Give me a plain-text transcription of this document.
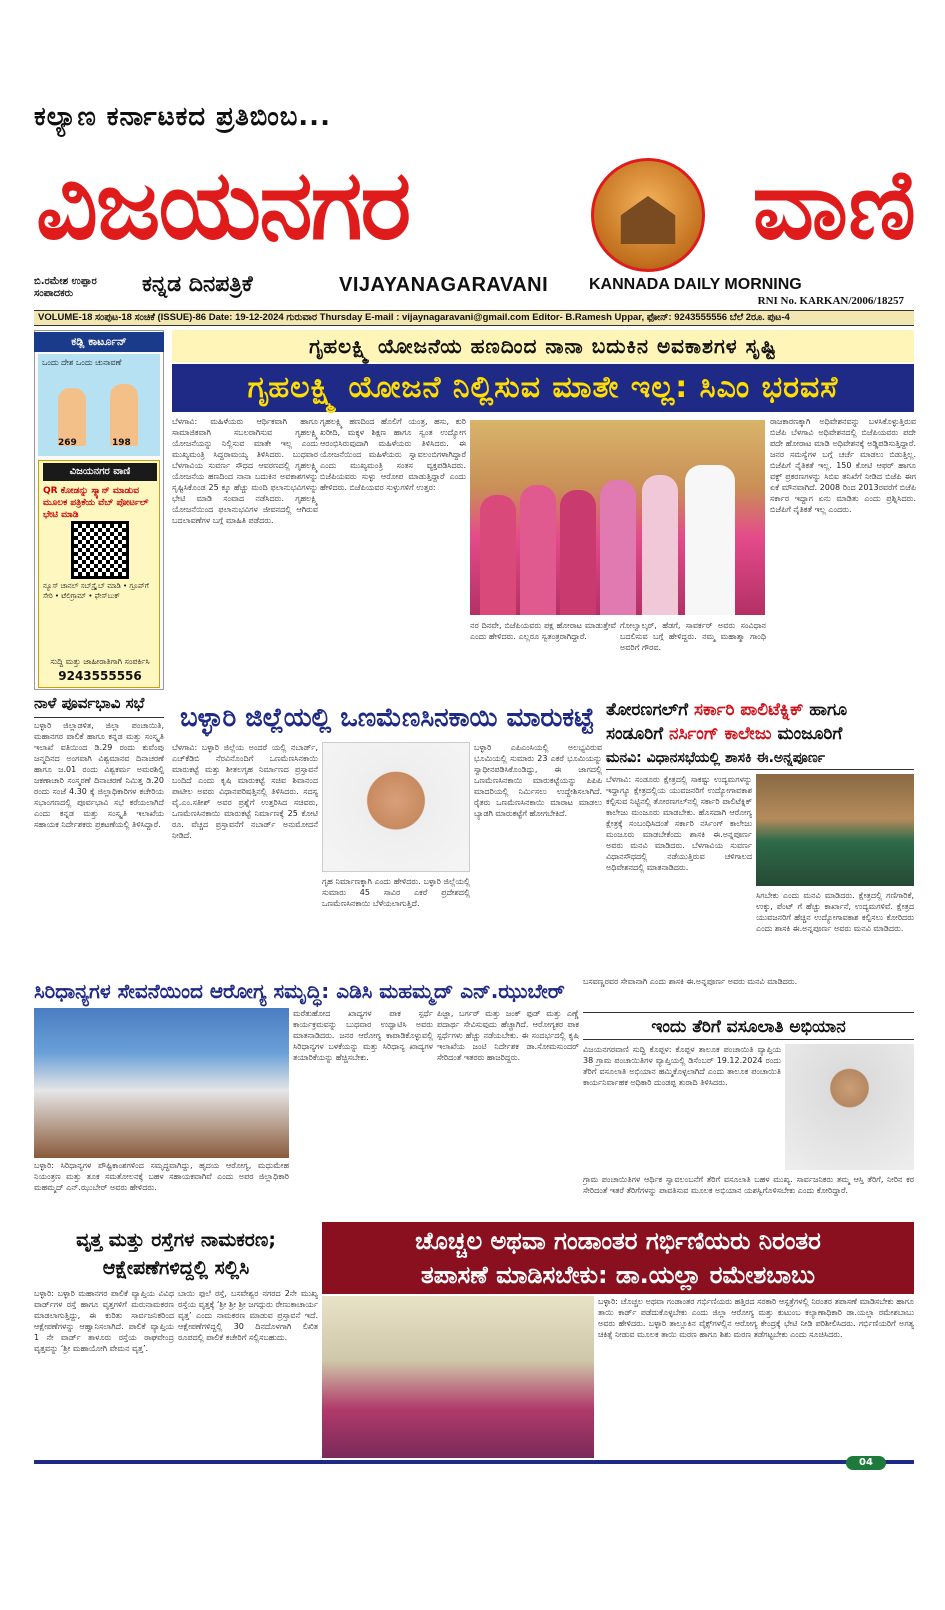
ಕಲ್ಯಾಣ ಕರ್ನಾಟಕದ ಪ್ರತಿಬಿಂಬ...
ವಿಜಯನಗರ	ವಾಣಿ
ಬಿ.ರಮೇಶ ಉಪ್ಪಾರ
ಸಂಪಾದಕರು	ಕನ್ನಡ ದಿನಪತ್ರಿಕೆ	VIJAYANAGARAVANI	KANNADA DAILY MORNING
RNI No. KARKAN/2006/18257
VOLUME-18 ಸಂಪುಟ-18 ಸಂಚಿಕೆ (ISSUE)-86 Date: 19-12-2024 ಗುರುವಾರ Thursday E-mail : vijaynagaravani@gmail.com Editor- B.Ramesh Uppar, ಫೋನ್: 9243555556 ಬೆಲೆ 2ರೂ. ಪುಟ-4
ಕಡ್ಲಿ ಕಾರ್ಟೂನ್
ಒಂದು ದೇಶ ಒಂದು ಚುನಾವಣೆ
269	198
ವಿಜಯನಗರ ವಾಣಿ
QR ಕೋಡನ್ನು ಸ್ಕ್ಯಾನ್ ಮಾಡುವ ಮೂಲಕ ಪತ್ರಿಕೆಯ ವೆಬ್ ಪೋರ್ಟಲ್ ಭೇಟಿ ಮಾಡಿ
ನ್ಯೂಸ್ ಚಾನಲ್ ಸಬ್‌ಸ್ಕ್ರೈಬ್ ಮಾಡಿ • ಗ್ರೂಪ್‌ಗೆ ಸೇರಿ • ಟೆಲಿಗ್ರಾಮ್ • ಫೇಸ್‌ಬುಕ್
ಸುದ್ದಿ ಮತ್ತು ಜಾಹೀರಾತಿಗಾಗಿ ಸಂಪರ್ಕಿಸಿ
9243555556
ಗೃಹಲಕ್ಷ್ಮಿ ಯೋಜನೆಯ ಹಣದಿಂದ ನಾನಾ ಬದುಕಿನ ಅವಕಾಶಗಳ ಸೃಷ್ಟಿ
ಗೃಹಲಕ್ಷ್ಮಿ ಯೋಜನೆ ನಿಲ್ಲಿಸುವ ಮಾತೇ ಇಲ್ಲ: ಸಿಎಂ ಭರವಸೆ
ಬೆಳಗಾವಿ: ಮಹಿಳೆಯರು ಆರ್ಥಿಕವಾಗಿ ಹಾಗೂ ಸಾಮಾಜಿಕವಾಗಿ ಸಬಲರಾಗಿಸುವ ಗೃಹಲಕ್ಷ್ಮಿ ಯೋಜನೆಯನ್ನು ನಿಲ್ಲಿಸುವ ಮಾತೇ ಇಲ್ಲ ಎಂದು ಮುಖ್ಯಮಂತ್ರಿ ಸಿದ್ದರಾಮಯ್ಯ ತಿಳಿಸಿದರು. ಬುಧವಾರ ಬೆಳಗಾವಿಯ ಸುವರ್ಣ ಸೌಧದ ಆವರಣದಲ್ಲಿ ಗೃಹಲಕ್ಷ್ಮಿ ಯೋಜನೆಯ ಹಣದಿಂದ ನಾನಾ ಬದುಕಿನ ಅವಕಾಶಗಳನ್ನು ಸೃಷ್ಟಿಸಿಕೊಂಡ 25 ಕ್ಕೂ ಹೆಚ್ಚು ಮಂದಿ ಫಲಾನುಭವಿಗಳನ್ನು ಭೇಟಿ ಮಾಡಿ ಸಂವಾದ ನಡೆಸಿದರು. ಗೃಹಲಕ್ಷ್ಮಿ ಯೋಜನೆಯಿಂದ ಫಲಾನುಭವಿಗಳ ಜೀವನದಲ್ಲಿ ಆಗಿರುವ ಬದಲಾವಣೆಗಳ ಬಗ್ಗೆ ಮಾಹಿತಿ ಪಡೆದರು.
ಗೃಹಲಕ್ಷ್ಮಿ ಹಣದಿಂದ ಹೊಲಿಗೆ ಯಂತ್ರ, ಹಸು, ಕುರಿ ಖರೀದಿ, ಮಕ್ಕಳ ಶಿಕ್ಷಣ ಹಾಗೂ ಸ್ವಂತ ಉದ್ಯೋಗ ಆರಂಭಿಸಿರುವುದಾಗಿ ಮಹಿಳೆಯರು ತಿಳಿಸಿದರು. ಈ ಯೋಜನೆಯಿಂದ ಮಹಿಳೆಯರು ಸ್ವಾವಲಂಬಿಗಳಾಗಿದ್ದಾರೆ ಎಂದು ಮುಖ್ಯಮಂತ್ರಿ ಸಂತಸ ವ್ಯಕ್ತಪಡಿಸಿದರು. ಬಿಜೆಪಿಯವರು ಸುಳ್ಳು ಆರೋಪ ಮಾಡುತ್ತಿದ್ದಾರೆ ಎಂದು ಹೇಳಿದರು. ಬಿಜೆಪಿಯವರ ಸುಳ್ಳುಗಳಿಗೆ ಉತ್ತರ:
ನರ ದಿನವೇ, ಬಿಜೆಪಿಯವರು ಪಕ್ಷ ಹೋರಾಟ ಮಾಡುತ್ತೇವೆ ಎಂದು ಹೇಳಿದರು. ಎಲ್ಲರೂ ಸ್ವತಂತ್ರರಾಗಿದ್ದಾರೆ.
ಗೋಲ್ವಾಲ್ಕರ್, ಹೆಡಗೆ, ಸಾವರ್ಕರ್ ಅವರು ಸಂವಿಧಾನ ಬದಲಿಸುವ ಬಗ್ಗೆ ಹೇಳಿದ್ದರು. ನಮ್ಮ ಮಹಾತ್ಮಾ ಗಾಂಧಿ ಅವರಿಗೆ ಗೌರವ.
ರಾಜಕಾರಣಕ್ಕಾಗಿ ಅಧಿವೇಶನವನ್ನು ಬಳಸಿಕೊಳ್ಳುತ್ತಿರುವ ಬಿಜೆಪಿ ಬೆಳಗಾವಿ ಅಧಿವೇಶನದಲ್ಲಿ ಬಿಜೆಪಿಯವರು ಪದೇ ಪದೇ ಹೋರಾಟ ಮಾಡಿ ಅಧಿವೇಶನಕ್ಕೆ ಅಡ್ಡಿಪಡಿಸುತ್ತಿದ್ದಾರೆ. ಜನರ ಸಮಸ್ಯೆಗಳ ಬಗ್ಗೆ ಚರ್ಚೆ ಮಾಡಲು ಬಿಡುತ್ತಿಲ್ಲ. ಬಿಜೆಪಿಗೆ ನೈತಿಕತೆ ಇಲ್ಲ. 150 ಕೋಟಿ ಆಫರ್ ಹಾಗೂ ವಕ್ಫ್ ಪ್ರಕರಣಗಳನ್ನು ಸಿಬಿಐ ತನಿಖೆಗೆ ನೀಡಿದ ಬಿಜೆಪಿ ಈಗ ಏಕೆ ಮೌನವಾಗಿದೆ. 2008 ರಿಂದ 2013ರವರೆಗೆ ಬಿಜೆಪಿ ಸರ್ಕಾರ ಇದ್ದಾಗ ಏನು ಮಾಡಿತು ಎಂದು ಪ್ರಶ್ನಿಸಿದರು. ಬಿಜೆಪಿಗೆ ನೈತಿಕತೆ ಇಲ್ಲ ಎಂದರು.
ನಾಳೆ ಪೂರ್ವಭಾವಿ ಸಭೆ
ಬಳ್ಳಾರಿ ಜಿಲ್ಲಾಡಳಿತ, ಜಿಲ್ಲಾ ಪಂಚಾಯಿತಿ, ಮಹಾನಗರ ಪಾಲಿಕೆ ಹಾಗೂ ಕನ್ನಡ ಮತ್ತು ಸಂಸ್ಕೃತಿ ಇಲಾಖೆ ವತಿಯಿಂದ ಡಿ.29 ರಂದು ಕುವೆಂಪು ಜನ್ಮದಿನದ ಅಂಗವಾಗಿ ವಿಶ್ವಮಾನವ ದಿನಾಚರಣೆ ಹಾಗೂ ಜ.01 ರಂದು ವಿಶ್ವಕರ್ಮ ಅಮರಶಿಲ್ಪಿ ಜಕಣಾಚಾರಿ ಸಂಸ್ಮರಣೆ ದಿನಾಚರಣೆ ನಿಮಿತ್ತ ಡಿ.20 ರಂದು ಸಂಜೆ 4.30 ಕ್ಕೆ ಜಿಲ್ಲಾಧಿಕಾರಿಗಳ ಕಚೇರಿಯ ಸಭಾಂಗಣದಲ್ಲಿ ಪೂರ್ವಭಾವಿ ಸಭೆ ಕರೆಯಲಾಗಿದೆ ಎಂದು ಕನ್ನಡ ಮತ್ತು ಸಂಸ್ಕೃತಿ ಇಲಾಖೆಯ ಸಹಾಯಕ ನಿರ್ದೇಶಕರು ಪ್ರಕಟಣೆಯಲ್ಲಿ ತಿಳಿಸಿದ್ದಾರೆ.
ಬಳ್ಳಾರಿ ಜಿಲ್ಲೆಯಲ್ಲಿ ಒಣಮೆಣಸಿನಕಾಯಿ ಮಾರುಕಟ್ಟೆ
ಬೆಳಗಾವಿ: ಬಳ್ಳಾರಿ ಜಿಲ್ಲೆಯ ಅಂದರೆ ಯಲ್ಲಿ ನಬಾರ್ಡ್, ಎಚ್‌ಕೆಡಿಬಿ ನೆರವಿನೊಂದಿಗೆ ಒಣಮೆಣಸಿನಕಾಯಿ ಮಾರುಕಟ್ಟೆ ಮತ್ತು ಶೀತಲಗೃಹ ನಿರ್ಮಾಣದ ಪ್ರಸ್ತಾವನೆ ಬಂದಿದೆ ಎಂದು ಕೃಷಿ ಮಾರುಕಟ್ಟೆ ಸಚಿವ ಶಿವಾನಂದ ಪಾಟೀಲ ಅವರು ವಿಧಾನಪರಿಷತ್ತಿನಲ್ಲಿ ತಿಳಿಸಿದರು. ಸದಸ್ಯ ವೈ.ಎಂ.ಸತೀಶ್ ಅವರ ಪ್ರಶ್ನೆಗೆ ಉತ್ತರಿಸಿದ ಸಚಿವರು, ಒಣಮೆಣಸಿನಕಾಯಿ ಮಾರುಕಟ್ಟೆ ನಿರ್ಮಾಣಕ್ಕೆ 25 ಕೋಟಿ ರೂ. ವೆಚ್ಚದ ಪ್ರಸ್ತಾವನೆಗೆ ನಬಾರ್ಡ್ ಅನುಮೋದನೆ ನೀಡಿದೆ.
ಗೃಹ ನಿರ್ಮಾಣಕ್ಕಾಗಿ ಎಂದು ಹೇಳಿದರು. ಬಳ್ಳಾರಿ ಜಿಲ್ಲೆಯಲ್ಲಿ ಸುಮಾರು 45 ಸಾವಿರ ಎಕರೆ ಪ್ರದೇಶದಲ್ಲಿ ಒಣಮೆಣಸಿನಕಾಯಿ ಬೆಳೆಯಲಾಗುತ್ತಿದೆ.
ಬಳ್ಳಾರಿ ಎಪಿಎಂಸಿಯಲ್ಲಿ ಅಲಭ್ಯವಿರುವ ಭೂಮಿಯಲ್ಲಿ ಸುಮಾರು 23 ಎಕರೆ ಭೂಮಿಯನ್ನು ಸ್ವಾಧೀನಪಡಿಸಿಕೊಂಡಿದ್ದು, ಈ ಜಾಗದಲ್ಲಿ ಒಣಮೆಣಸಿನಕಾಯಿ ಮಾರುಕಟ್ಟೆಯನ್ನು ಪಿಪಿಪಿ ಮಾದರಿಯಲ್ಲಿ ನಿರ್ಮಿಸಲು ಉದ್ದೇಶಿಸಲಾಗಿದೆ. ರೈತರು ಒಣಮೆಣಸಿನಕಾಯಿ ಮಾರಾಟ ಮಾಡಲು ಬ್ಯಾಡಗಿ ಮಾರುಕಟ್ಟೆಗೆ ಹೋಗಬೇಕಿದೆ.
ತೋರಣಗಲ್‌ಗೆ ಸರ್ಕಾರಿ ಪಾಲಿಟೆಕ್ನಿಕ್ ಹಾಗೂ
ಸಂಡೂರಿಗೆ ನರ್ಸಿಂಗ್ ಕಾಲೇಜು ಮಂಜೂರಿಗೆ
ಮನವಿ: ವಿಧಾನಸಭೆಯಲ್ಲಿ ಶಾಸಕಿ ಈ.ಅನ್ನಪೂರ್ಣ
ಬೆಳಗಾವಿ: ಸಂಡೂರು ಕ್ಷೇತ್ರದಲ್ಲಿ ಸಾಕಷ್ಟು ಉದ್ಯಮಗಳನ್ನು ಇದ್ದಾಗ್ಯೂ ಕ್ಷೇತ್ರದಲ್ಲಿಯ ಯುವಜನರಿಗೆ ಉದ್ಯೋಗಾವಕಾಶ ಕಲ್ಪಿಸುವ ನಿಟ್ಟಿನಲ್ಲಿ ತೋರಣಗಲ್‌ನಲ್ಲಿ ಸರ್ಕಾರಿ ಪಾಲಿಟೆಕ್ನಿಕ್ ಕಾಲೇಜು ಮಂಜೂರು ಮಾಡಬೇಕು. ಹೊಸದಾಗಿ ಆರೋಗ್ಯ ಕ್ಷೇತ್ರಕ್ಕೆ ಸಂಬಂಧಿಸಿದಂತೆ ಸರ್ಕಾರಿ ನರ್ಸಿಂಗ್ ಕಾಲೇಜು ಮಂಜೂರು ಮಾಡಬೇಕೆಂದು ಶಾಸಕಿ ಈ.ಅನ್ನಪೂರ್ಣ ಅವರು ಮನವಿ ಮಾಡಿದರು. ಬೆಳಗಾವಿಯ ಸುವರ್ಣ ವಿಧಾನಸೌಧದಲ್ಲಿ ನಡೆಯುತ್ತಿರುವ ಚಳಿಗಾಲದ ಅಧಿವೇಶನದಲ್ಲಿ ಮಾತನಾಡಿದರು.
ಸಿಗಬೇಕು ಎಂದು ಮನವಿ ಮಾಡಿದರು. ಕ್ಷೇತ್ರದಲ್ಲಿ ಗಣಿಗಾರಿಕೆ, ಉಕ್ಕು, ಪೆಂಟ್ ಗೆ ಹೆಚ್ಚು ಕಾರ್ಖಾನೆ, ಉದ್ಯಮಗಳಿವೆ. ಕ್ಷೇತ್ರದ ಯುವಜನರಿಗೆ ಹೆಚ್ಚಿನ ಉದ್ಯೋಗಾವಕಾಶ ಕಲ್ಪಿಸಲು ಕೋರಿದರು ಎಂದು ಶಾಸಕಿ ಈ.ಅನ್ನಪೂರ್ಣ ಅವರು ಮನವಿ ಮಾಡಿದರು.
ಸಿರಿಧಾನ್ಯಗಳ ಸೇವನೆಯಿಂದ ಆರೋಗ್ಯ ಸಮೃದ್ಧಿ: ಎಡಿಸಿ ಮಹಮ್ಮದ್ ಎನ್.ಝುಬೇರ್
ಬಳ್ಳಾರಿ: ಸಿರಿಧಾನ್ಯಗಳ ಪೌಷ್ಟಿಕಾಂಶಗಳಿಂದ ಸಮೃದ್ಧವಾಗಿದ್ದು, ಹೃದಯ ಆರೋಗ್ಯ, ಮಧುಮೇಹ ನಿಯಂತ್ರಣ ಮತ್ತು ತೂಕ ಸಮತೋಲನಕ್ಕೆ ಬಹಳ ಸಹಾಯಕವಾಗಿವೆ ಎಂದು ಅಪರ ಜಿಲ್ಲಾಧಿಕಾರಿ ಮಹಮ್ಮದ್ ಎನ್.ಝುಬೇರ್ ಅವರು ಹೇಳಿದರು.
ಮರೆತುಹೋದ ಖಾದ್ಯಗಳ ಪಾಕ ಸ್ಪರ್ಧೆ ಕಾರ್ಯಕ್ರಮವನ್ನು ಬುಧವಾರ ಉದ್ಘಾಟಿಸಿ ಅವರು ಮಾತನಾಡಿದರು. ಜನರ ಆರೋಗ್ಯ ಕಾಪಾಡಿಕೊಳ್ಳುವಲ್ಲಿ ಸಿರಿಧಾನ್ಯಗಳ ಬಳಕೆಯನ್ನು ಮತ್ತು ಸಿರಿಧಾನ್ಯ ಖಾದ್ಯಗಳ ತಯಾರಿಕೆಯನ್ನು ಹೆಚ್ಚಿಸಬೇಕು.
ಪಿಜ್ಜಾ, ಬರ್ಗರ್ ಮತ್ತು ಜಂಕ್ ಫುಡ್ ಮತ್ತು ಎಣ್ಣೆ ಪದಾರ್ಥ ಸೇವಿಸುವುದು ಹೆಚ್ಚಾಗಿದೆ. ಆರೋಗ್ಯಕರ ಪಾಕ ಸ್ಪರ್ಧೆಗಳು ಹೆಚ್ಚು ನಡೆಯಬೇಕು. ಈ ಸಂದರ್ಭದಲ್ಲಿ ಕೃಷಿ ಇಲಾಖೆಯ ಜಂಟಿ ನಿರ್ದೇಶಕ ಡಾ.ಸೋಮಸುಂದರ್ ಸೇರಿದಂತೆ ಇತರರು ಹಾಜರಿದ್ದರು.
ಬಸವಣ್ಣರವರ ಸೇವಾನಾಗಿ ಎಂದು ಶಾಸಕಿ ಈ.ಅನ್ನಪೂರ್ಣ ಅವರು ಮನವಿ ಮಾಡಿದರು.
ಇಂದು ತೆರಿಗೆ ವಸೂಲಾತಿ ಅಭಿಯಾನ
ವಿಜಯನಗರವಾಣಿ ಸುದ್ದಿ ಕೊಪ್ಪಳ: ಕೊಪ್ಪಳ ತಾಲೂಕ ಪಂಚಾಯಿತಿ ವ್ಯಾಪ್ತಿಯ 38 ಗ್ರಾಮ ಪಂಚಾಯಿತಿಗಳ ವ್ಯಾಪ್ತಿಯಲ್ಲಿ ಡಿಸೆಂಬರ್ 19.12.2024 ರಂದು ತೆರಿಗೆ ವಸೂಲಾತಿ ಅಭಿಯಾನ ಹಮ್ಮಿಕೊಳ್ಳಲಾಗಿದೆ ಎಂದು ತಾಲೂಕ ಪಂಚಾಯಿತಿ ಕಾರ್ಯನಿರ್ವಾಹಕ ಅಧಿಕಾರಿ ದುಂಡಪ್ಪ ತುರಾದಿ ತಿಳಿಸಿದರು.
ಗ್ರಾಮ ಪಂಚಾಯಿತಿಗಳ ಆರ್ಥಿಕ ಸ್ವಾವಲಂಬನೆಗೆ ತೆರಿಗೆ ವಸೂಲಾತಿ ಬಹಳ ಮುಖ್ಯ. ಸಾರ್ವಜನಿಕರು ತಮ್ಮ ಆಸ್ತಿ ತೆರಿಗೆ, ನೀರಿನ ಕರ ಸೇರಿದಂತೆ ಇತರೆ ತೆರಿಗೆಗಳನ್ನು ಪಾವತಿಸುವ ಮೂಲಕ ಅಭಿಯಾನ ಯಶಸ್ವಿಗೊಳಿಸಬೇಕು ಎಂದು ಕೋರಿದ್ದಾರೆ.
ವೃತ್ತ ಮತ್ತು ರಸ್ತೆಗಳ ನಾಮಕರಣ; ಆಕ್ಷೇಪಣೆಗಳಿದ್ದಲ್ಲಿ ಸಲ್ಲಿಸಿ
ಬಳ್ಳಾರಿ: ಬಳ್ಳಾರಿ ಮಹಾನಗರ ಪಾಲಿಕೆ ವ್ಯಾಪ್ತಿಯ ವಿವಿಧ ವಾರ್ಡ್‌ಗಳ ರಸ್ತೆ ಹಾಗೂ ವೃತ್ತಗಳಿಗೆ ಮರುನಾಮಕರಣ ಮಾಡಲಾಗುತ್ತಿದ್ದು, ಈ ಕುರಿತು ಸಾರ್ವಜನಿಕರಿಂದ ಆಕ್ಷೇಪಣೆಗಳನ್ನು ಆಹ್ವಾನಿಸಲಾಗಿದೆ. ಪಾಲಿಕೆ ವ್ಯಾಪ್ತಿಯ 1 ನೇ ವಾರ್ಡ್ ತಾಳೂರು ರಸ್ತೆಯ ರಾಘವೇಂದ್ರ ವೃತ್ತವನ್ನು ‘ಶ್ರೀ ಮಹಾಯೋಗಿ ವೇಮನ ವೃತ್ತ’.
ಬಾಯಿ ಫುಲೆ ರಸ್ತೆ, ಬಸವೇಶ್ವರ ನಗರದ 2ನೇ ಮುಖ್ಯ ರಸ್ತೆಯ ವೃತ್ತಕ್ಕೆ ‘ಶ್ರೀ ಶ್ರೀ ಶ್ರೀ ಜಗದ್ಗುರು ರೇಣುಕಾಚಾರ್ಯ ವೃತ್ತ’ ಎಂದು ನಾಮಕರಣ ಮಾಡುವ ಪ್ರಸ್ತಾವನೆ ಇದೆ. ಆಕ್ಷೇಪಣೆಗಳಿದ್ದಲ್ಲಿ 30 ದಿನದೊಳಗಾಗಿ ಲಿಖಿತ ರೂಪದಲ್ಲಿ ಪಾಲಿಕೆ ಕಚೇರಿಗೆ ಸಲ್ಲಿಸಬಹುದು.
ಚೊಚ್ಚಲ ಅಥವಾ ಗಂಡಾಂತರ ಗರ್ಭಿಣಿಯರು ನಿರಂತರ
ತಪಾಸಣೆ ಮಾಡಿಸಬೇಕು: ಡಾ.ಯಲ್ಲಾ ರಮೇಶಬಾಬು
ಬಳ್ಳಾರಿ: ಚೊಚ್ಚಲ ಅಥವಾ ಗಂಡಾಂತರ ಗರ್ಭಿಣಿಯರು ಹತ್ತಿರದ ಸರಕಾರಿ ಆಸ್ಪತ್ರೆಗಳಲ್ಲಿ ನಿರಂತರ ತಪಾಸಣೆ ಮಾಡಿಸಬೇಕು ಹಾಗೂ ತಾಯಿ ಕಾರ್ಡ್ ಪಡೆದುಕೊಳ್ಳಬೇಕು ಎಂದು ಜಿಲ್ಲಾ ಆರೋಗ್ಯ ಮತ್ತು ಕುಟುಂಬ ಕಲ್ಯಾಣಾಧಿಕಾರಿ ಡಾ.ಯಲ್ಲಾ ರಮೇಶಬಾಬು ಅವರು ಹೇಳಿದರು. ಬಳ್ಳಾರಿ ತಾಲ್ಲೂಕಿನ ವೈಕ್ಸ್‌ಗಳಲ್ಲಿನ ಆರೋಗ್ಯ ಕೇಂದ್ರಕ್ಕೆ ಭೇಟಿ ನೀಡಿ ಪರಿಶೀಲಿಸಿದರು. ಗರ್ಭಿಣಿಯರಿಗೆ ಅಗತ್ಯ ಚಿಕಿತ್ಸೆ ನೀಡುವ ಮೂಲಕ ತಾಯಿ ಮರಣ ಹಾಗೂ ಶಿಶು ಮರಣ ತಡೆಗಟ್ಟಬೇಕು ಎಂದು ಸೂಚಿಸಿದರು.
04
